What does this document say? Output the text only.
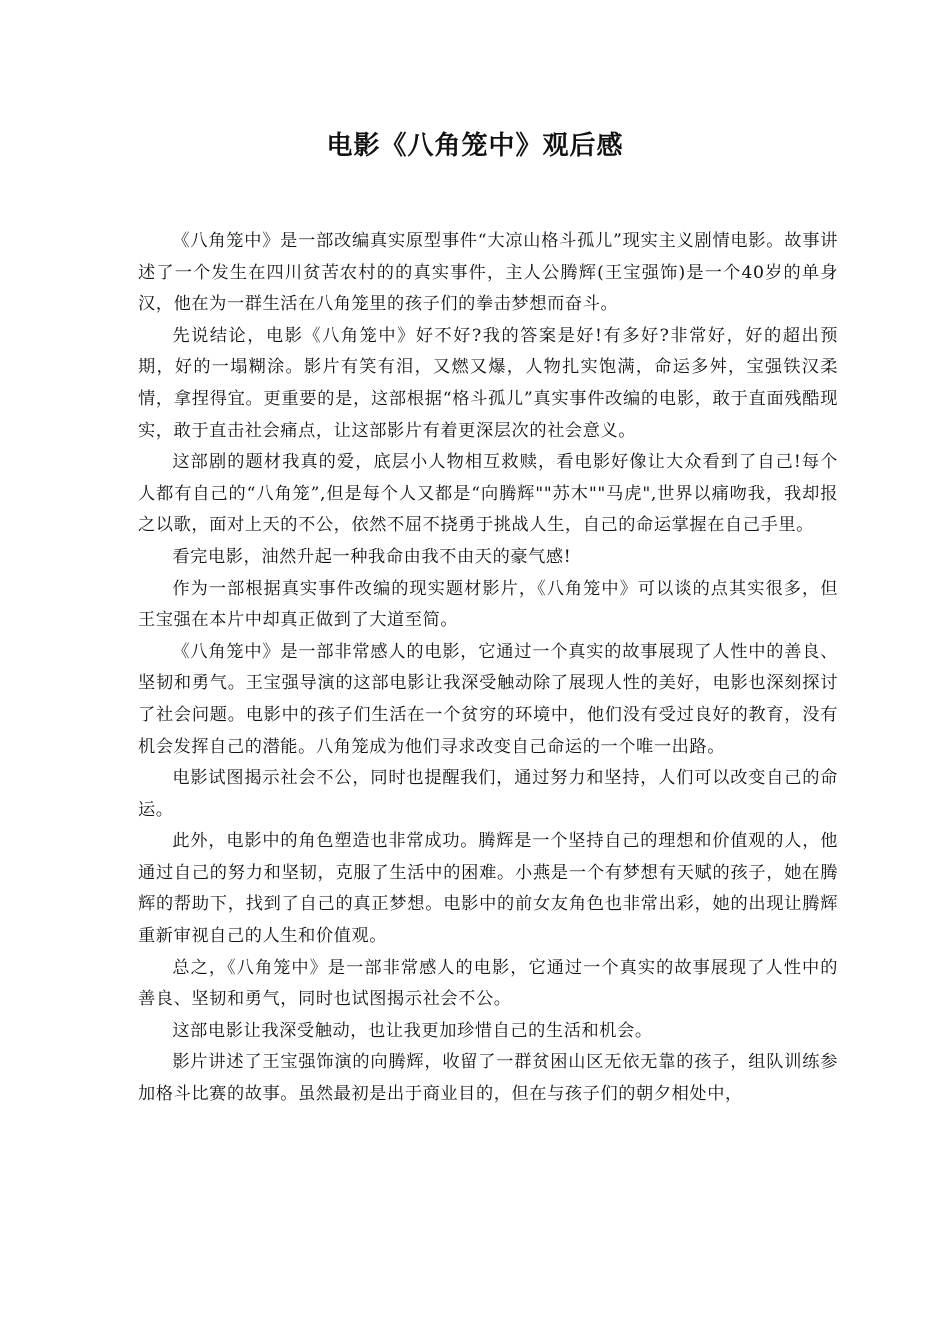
电影《八角笼中》观后感

《八角笼中》是一部改编真实原型事件“大凉山格斗孤儿”现实主义剧情电影。故事讲述了一个发生在四川贫苦农村的的真实事件，主人公腾辉(王宝强饰)是一个40岁的单身汉，他在为一群生活在八角笼里的孩子们的拳击梦想而奋斗。

先说结论，电影《八角笼中》好不好?我的答案是好!有多好?非常好，好的超出预期，好的一塌糊涂。影片有笑有泪，又燃又爆，人物扎实饱满，命运多舛，宝强铁汉柔情，拿捏得宜。更重要的是，这部根据“格斗孤儿”真实事件改编的电影，敢于直面残酷现实，敢于直击社会痛点，让这部影片有着更深层次的社会意义。

这部剧的题材我真的爱，底层小人物相互救赎，看电影好像让大众看到了自己!每个人都有自己的“八角笼”,但是每个人又都是“向腾辉""苏木""马虎",世界以痛吻我，我却报之以歌，面对上天的不公，依然不屈不挠勇于挑战人生，自己的命运掌握在自己手里。

看完电影，油然升起一种我命由我不由天的豪气感!

作为一部根据真实事件改编的现实题材影片，《八角笼中》可以谈的点其实很多，但王宝强在本片中却真正做到了大道至简。

《八角笼中》是一部非常感人的电影，它通过一个真实的故事展现了人性中的善良、坚韧和勇气。王宝强导演的这部电影让我深受触动除了展现人性的美好，电影也深刻探讨了社会问题。电影中的孩子们生活在一个贫穷的环境中，他们没有受过良好的教育，没有机会发挥自己的潜能。八角笼成为他们寻求改变自己命运的一个唯一出路。

电影试图揭示社会不公，同时也提醒我们，通过努力和坚持，人们可以改变自己的命运。

此外，电影中的角色塑造也非常成功。腾辉是一个坚持自己的理想和价值观的人，他通过自己的努力和坚韧，克服了生活中的困难。小燕是一个有梦想有天赋的孩子，她在腾辉的帮助下，找到了自己的真正梦想。电影中的前女友角色也非常出彩，她的出现让腾辉重新审视自己的人生和价值观。

总之，《八角笼中》是一部非常感人的电影，它通过一个真实的故事展现了人性中的善良、坚韧和勇气，同时也试图揭示社会不公。

这部电影让我深受触动，也让我更加珍惜自己的生活和机会。

影片讲述了王宝强饰演的向腾辉，收留了一群贫困山区无依无靠的孩子，组队训练参加格斗比赛的故事。虽然最初是出于商业目的，但在与孩子们的朝夕相处中，
